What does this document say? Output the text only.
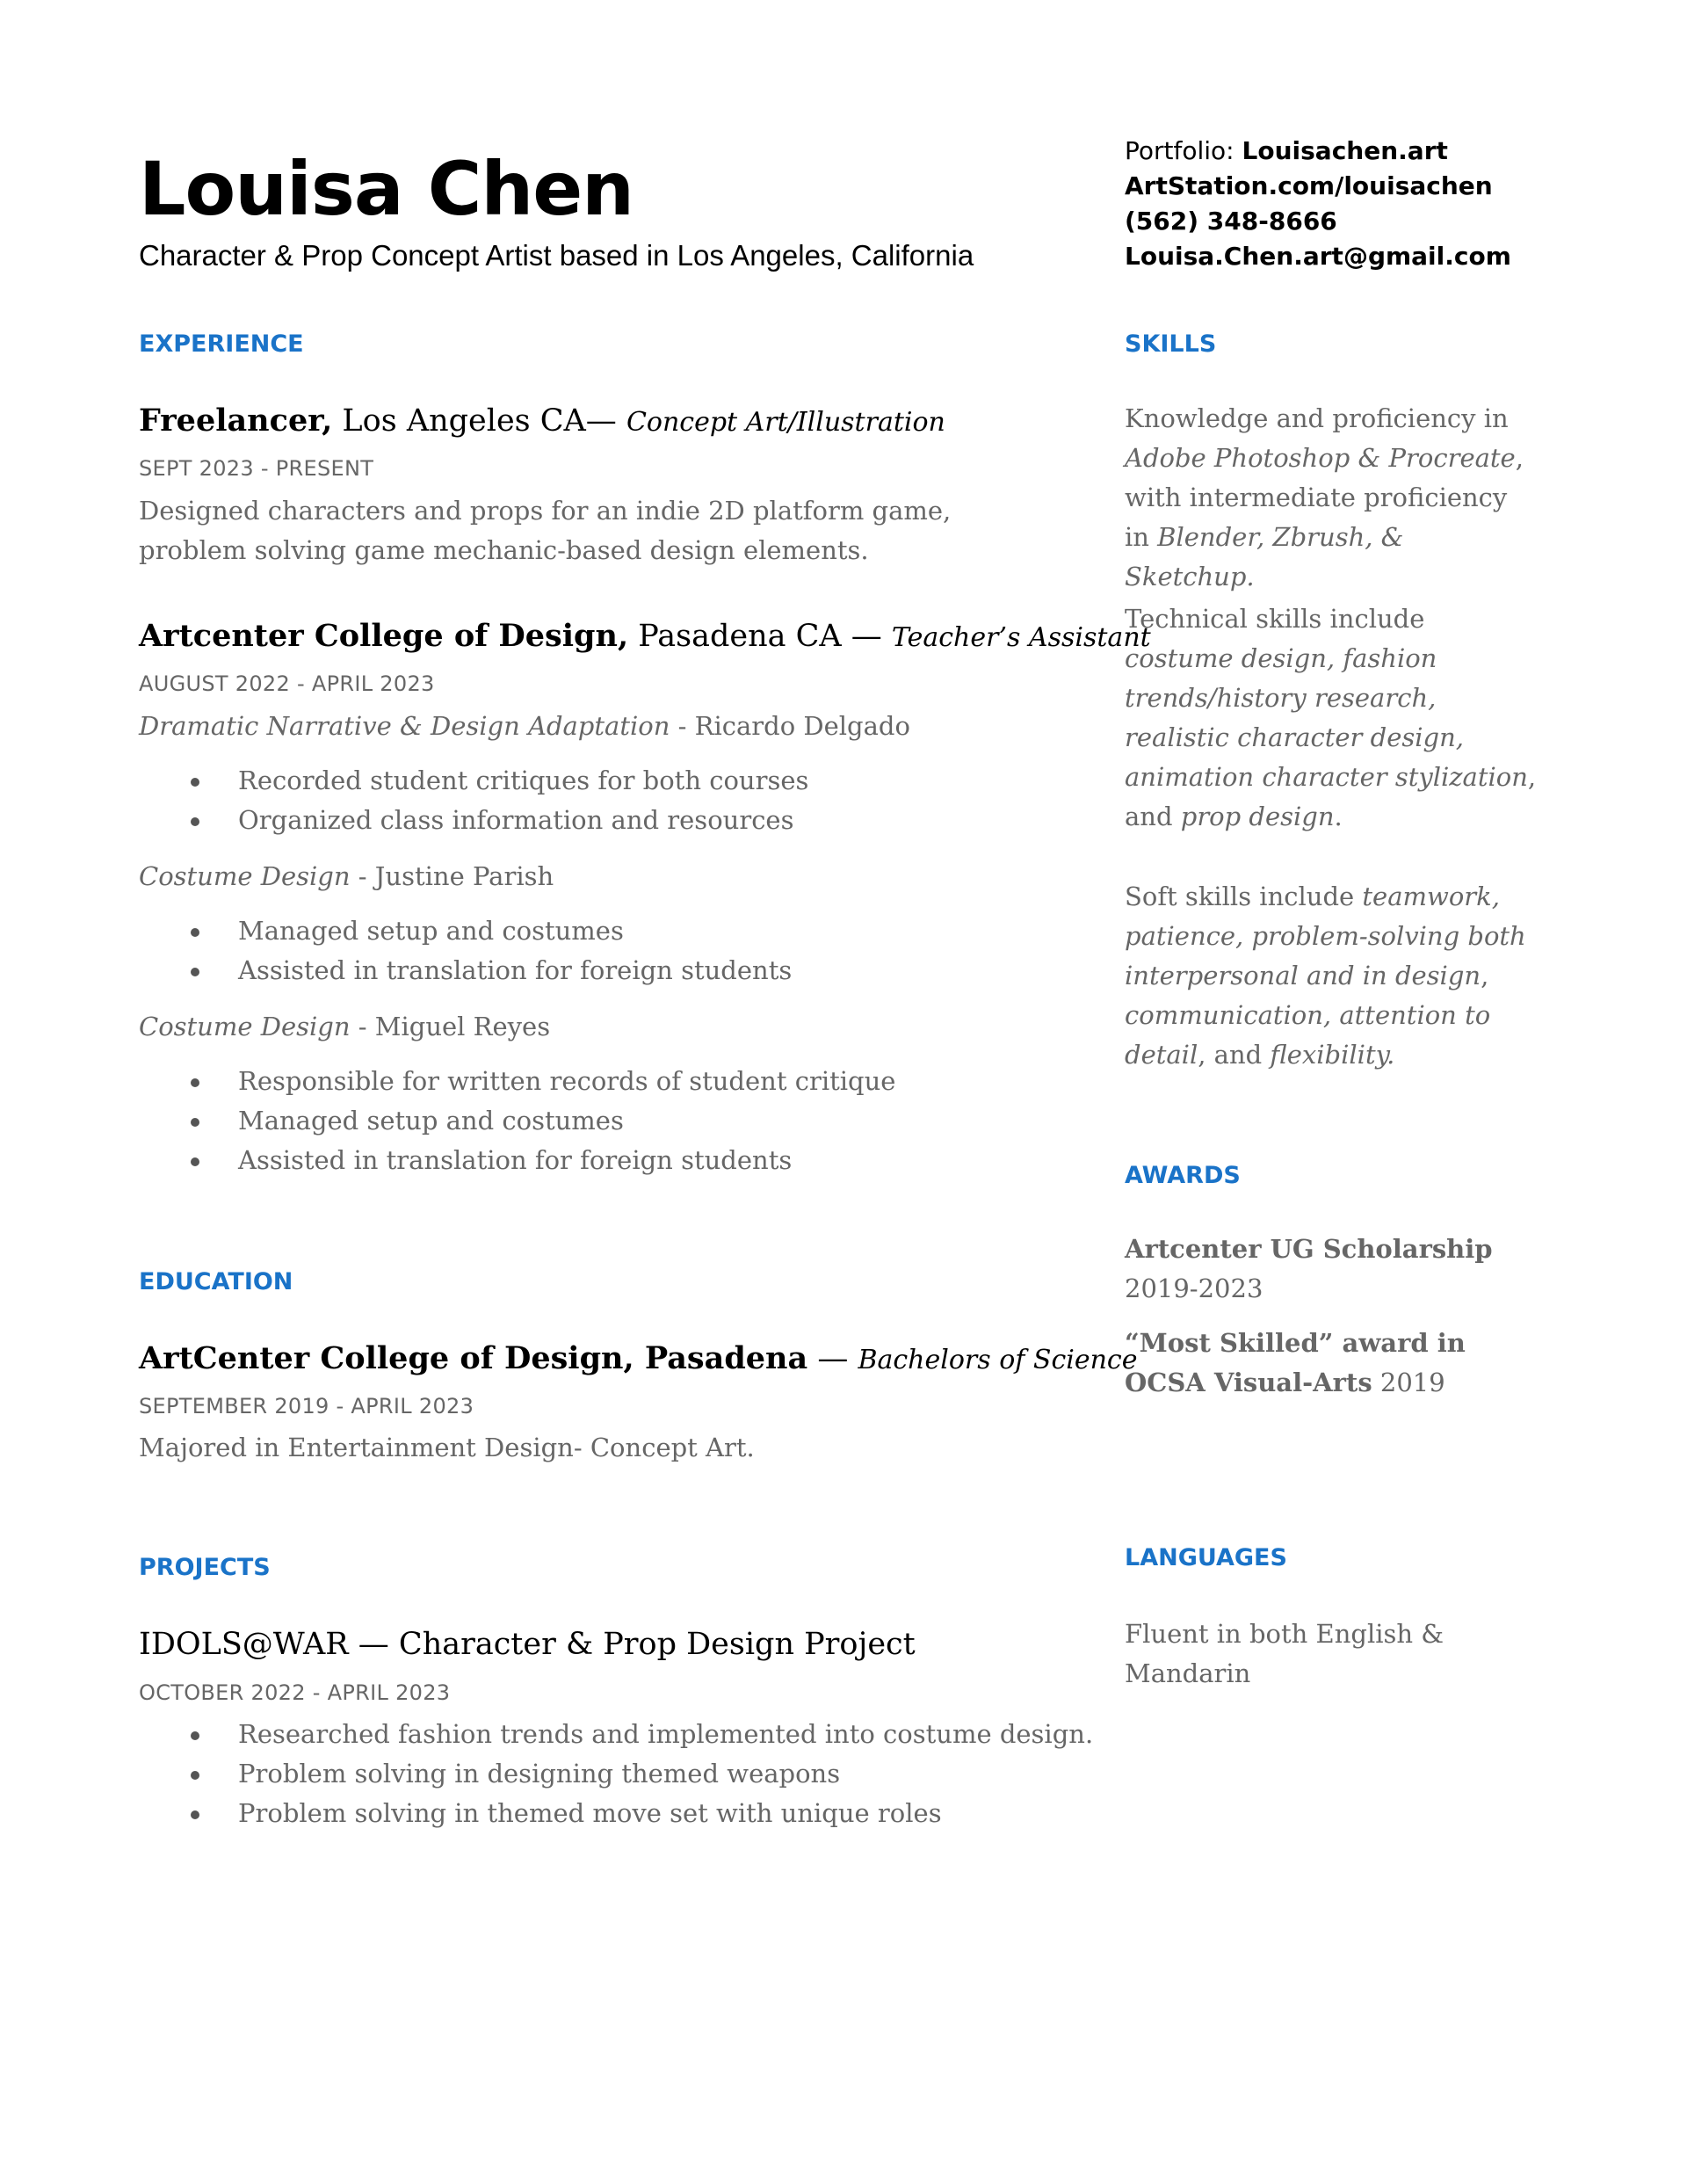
Louisa Chen
Character & Prop Concept Artist based in Los Angeles, California
Portfolio: Louisachen.art
ArtStation.com/louisachen
(562) 348-8666
Louisa.Chen.art@gmail.com
EXPERIENCE
Freelancer, Los Angeles CA— Concept Art/Illustration
SEPT 2023 - PRESENT
Designed characters and props for an indie 2D platform game, problem solving game mechanic-based design elements.
Artcenter College of Design, Pasadena CA — Teacher’s Assistant
AUGUST 2022 - APRIL 2023
Dramatic Narrative & Design Adaptation - Ricardo Delgado
Recorded student critiques for both courses
Organized class information and resources
Costume Design - Justine Parish
Managed setup and costumes
Assisted in translation for foreign students
Costume Design - Miguel Reyes
Responsible for written records of student critique
Managed setup and costumes
Assisted in translation for foreign students
EDUCATION
ArtCenter College of Design, Pasadena — Bachelors of Science
SEPTEMBER 2019 - APRIL 2023
Majored in Entertainment Design- Concept Art.
PROJECTS
IDOLS@WAR — Character & Prop Design Project
OCTOBER 2022 - APRIL 2023
Researched fashion trends and implemented into costume design.
Problem solving in designing themed weapons
Problem solving in themed move set with unique roles
SKILLS
Knowledge and proficiency in Adobe Photoshop & Procreate, with intermediate proficiency in Blender, Zbrush, & Sketchup.
Technical skills include costume design, fashion trends/history research, realistic character design, animation character stylization, and prop design.
Soft skills include teamwork, patience, problem-solving both interpersonal and in design, communication, attention to detail, and flexibility.
AWARDS
Artcenter UG Scholarship
2019-2023
“Most Skilled” award in OCSA Visual-Arts 2019
LANGUAGES
Fluent in both English & Mandarin
